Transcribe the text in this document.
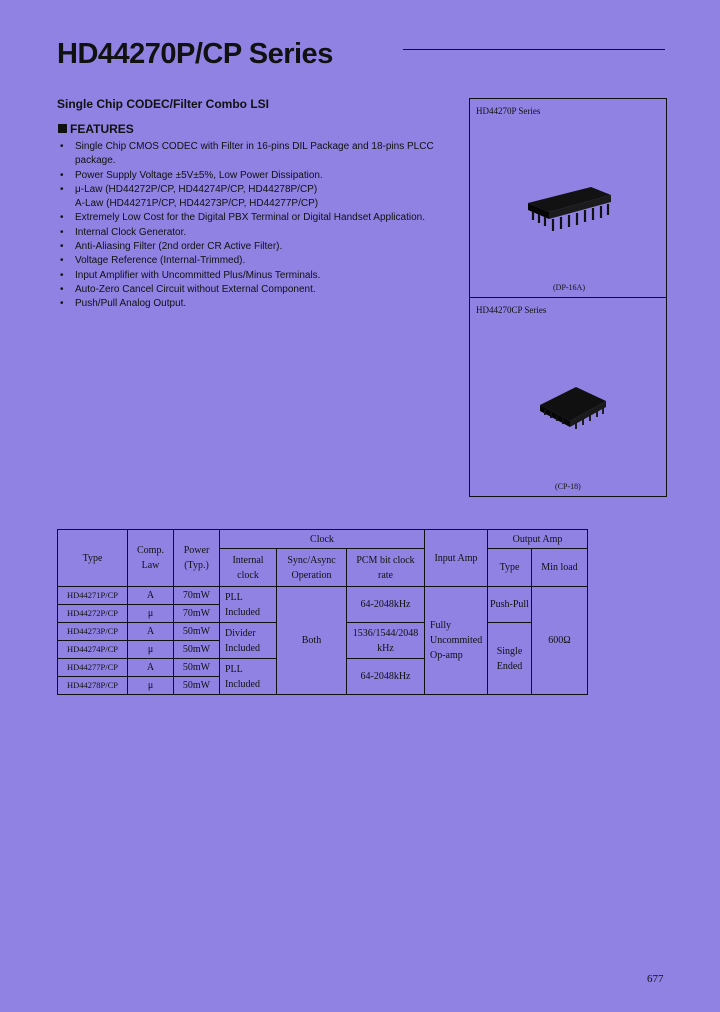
HD44270P/CP Series
Single Chip CODEC/Filter Combo LSI
FEATURES
• Single Chip CMOS CODEC with Filter in 16-pins DIL Package and 18-pins PLCC package.
• Power Supply Voltage ±5V±5%, Low Power Dissipation.
• μ-Law (HD44272P/CP, HD44274P/CP, HD44278P/CP)
A-Law (HD44271P/CP, HD44273P/CP, HD44277P/CP)
• Extremely Low Cost for the Digital PBX Terminal or Digital Handset Application.
• Internal Clock Generator.
• Anti-Aliasing Filter (2nd order CR Active Filter).
• Voltage Reference (Internal-Trimmed).
• Input Amplifier with Uncommitted Plus/Minus Terminals.
• Auto-Zero Cancel Circuit without External Component.
• Push/Pull Analog Output.
HD44270P Series
(DP-16A)
HD44270CP Series
(CP-18)
Type	Comp. Law	Power (Typ.)	Clock			Input Amp	Output Amp	
			Internal clock	Sync/Async Operation	PCM bit clock rate		Type	Min load
HD44271P/CP	A	70mW	PLL Included	Both	64-2048kHz	Fully Uncommited Op-amp	Push-Pull	600Ω
HD44272P/CP	μ	70mW						
HD44273P/CP	A	50mW	Divider Included		1536/1544/2048 kHz		Single Ended	
HD44274P/CP	μ	50mW						
HD44277P/CP	A	50mW	PLL Included		64-2048kHz			
HD44278P/CP	μ	50mW						
677
